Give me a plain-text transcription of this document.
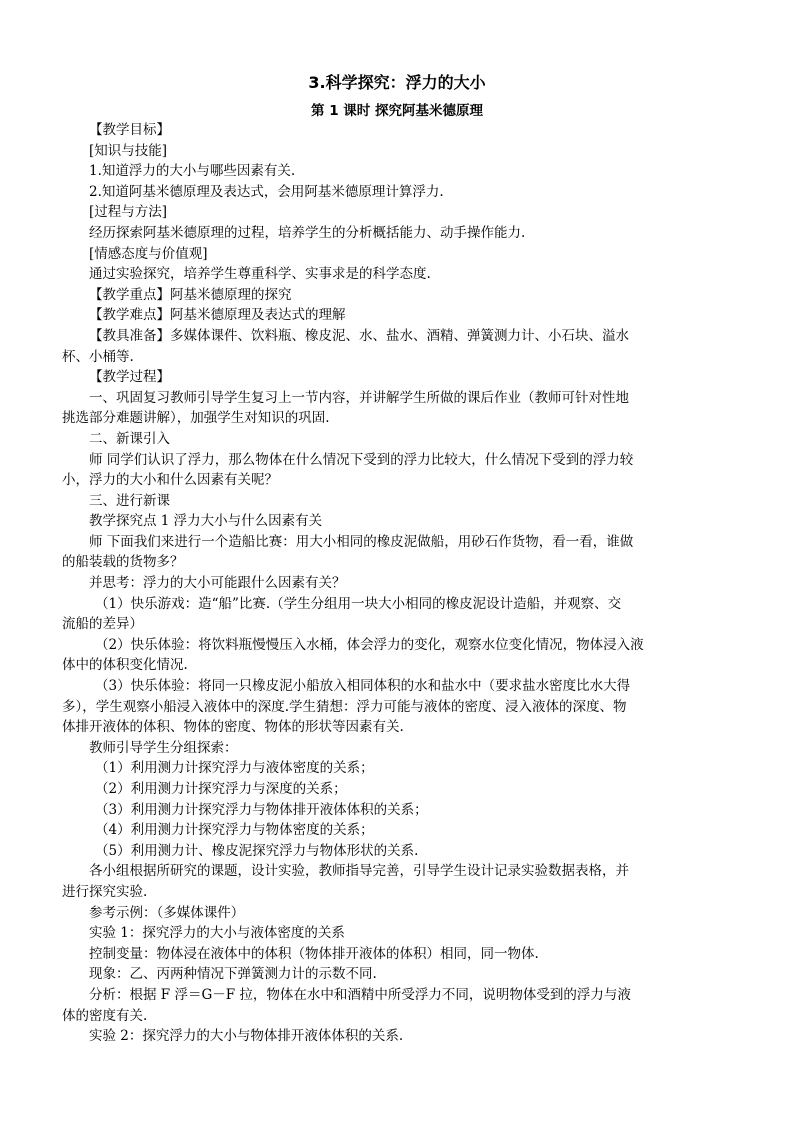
3.科学探究：浮力的大小
第 1 课时 探究阿基米德原理
【教学目标】
[知识与技能]
1.知道浮力的大小与哪些因素有关.
2.知道阿基米德原理及表达式，会用阿基米德原理计算浮力.
[过程与方法]
经历探索阿基米德原理的过程，培养学生的分析概括能力、动手操作能力.
[情感态度与价值观]
通过实验探究，培养学生尊重科学、实事求是的科学态度.
【教学重点】阿基米德原理的探究
【教学难点】阿基米德原理及表达式的理解
【教具准备】多媒体课件、饮料瓶、橡皮泥、水、盐水、酒精、弹簧测力计、小石块、溢水
杯、小桶等.
【教学过程】
一、巩固复习教师引导学生复习上一节内容，并讲解学生所做的课后作业（教师可针对性地
挑选部分难题讲解），加强学生对知识的巩固.
二、新课引入
师 同学们认识了浮力，那么物体在什么情况下受到的浮力比较大，什么情况下受到的浮力较
小，浮力的大小和什么因素有关呢？
三、进行新课
教学探究点 1 浮力大小与什么因素有关
师 下面我们来进行一个造船比赛：用大小相同的橡皮泥做船，用砂石作货物，看一看，谁做
的船装载的货物多？
并思考：浮力的大小可能跟什么因素有关？
（1）快乐游戏：造“船”比赛.（学生分组用一块大小相同的橡皮泥设计造船，并观察、交
流船的差异）
（2）快乐体验：将饮料瓶慢慢压入水桶，体会浮力的变化，观察水位变化情况，物体浸入液
体中的体积变化情况.
（3）快乐体验：将同一只橡皮泥小船放入相同体积的水和盐水中（要求盐水密度比水大得
多），学生观察小船浸入液体中的深度.学生猜想：浮力可能与液体的密度、浸入液体的深度、物
体排开液体的体积、物体的密度、物体的形状等因素有关.
教师引导学生分组探索：
（1）利用测力计探究浮力与液体密度的关系；
（2）利用测力计探究浮力与深度的关系；
（3）利用测力计探究浮力与物体排开液体体积的关系；
（4）利用测力计探究浮力与物体密度的关系；
（5）利用测力计、橡皮泥探究浮力与物体形状的关系.
各小组根据所研究的课题，设计实验，教师指导完善，引导学生设计记录实验数据表格，并
进行探究实验.
参考示例：（多媒体课件）
实验 1：探究浮力的大小与液体密度的关系
控制变量：物体浸在液体中的体积（物体排开液体的体积）相同，同一物体.
现象：乙、丙两种情况下弹簧测力计的示数不同.
分析：根据 F 浮＝G－F 拉，物体在水中和酒精中所受浮力不同，说明物体受到的浮力与液
体的密度有关.
实验 2：探究浮力的大小与物体排开液体体积的关系.
